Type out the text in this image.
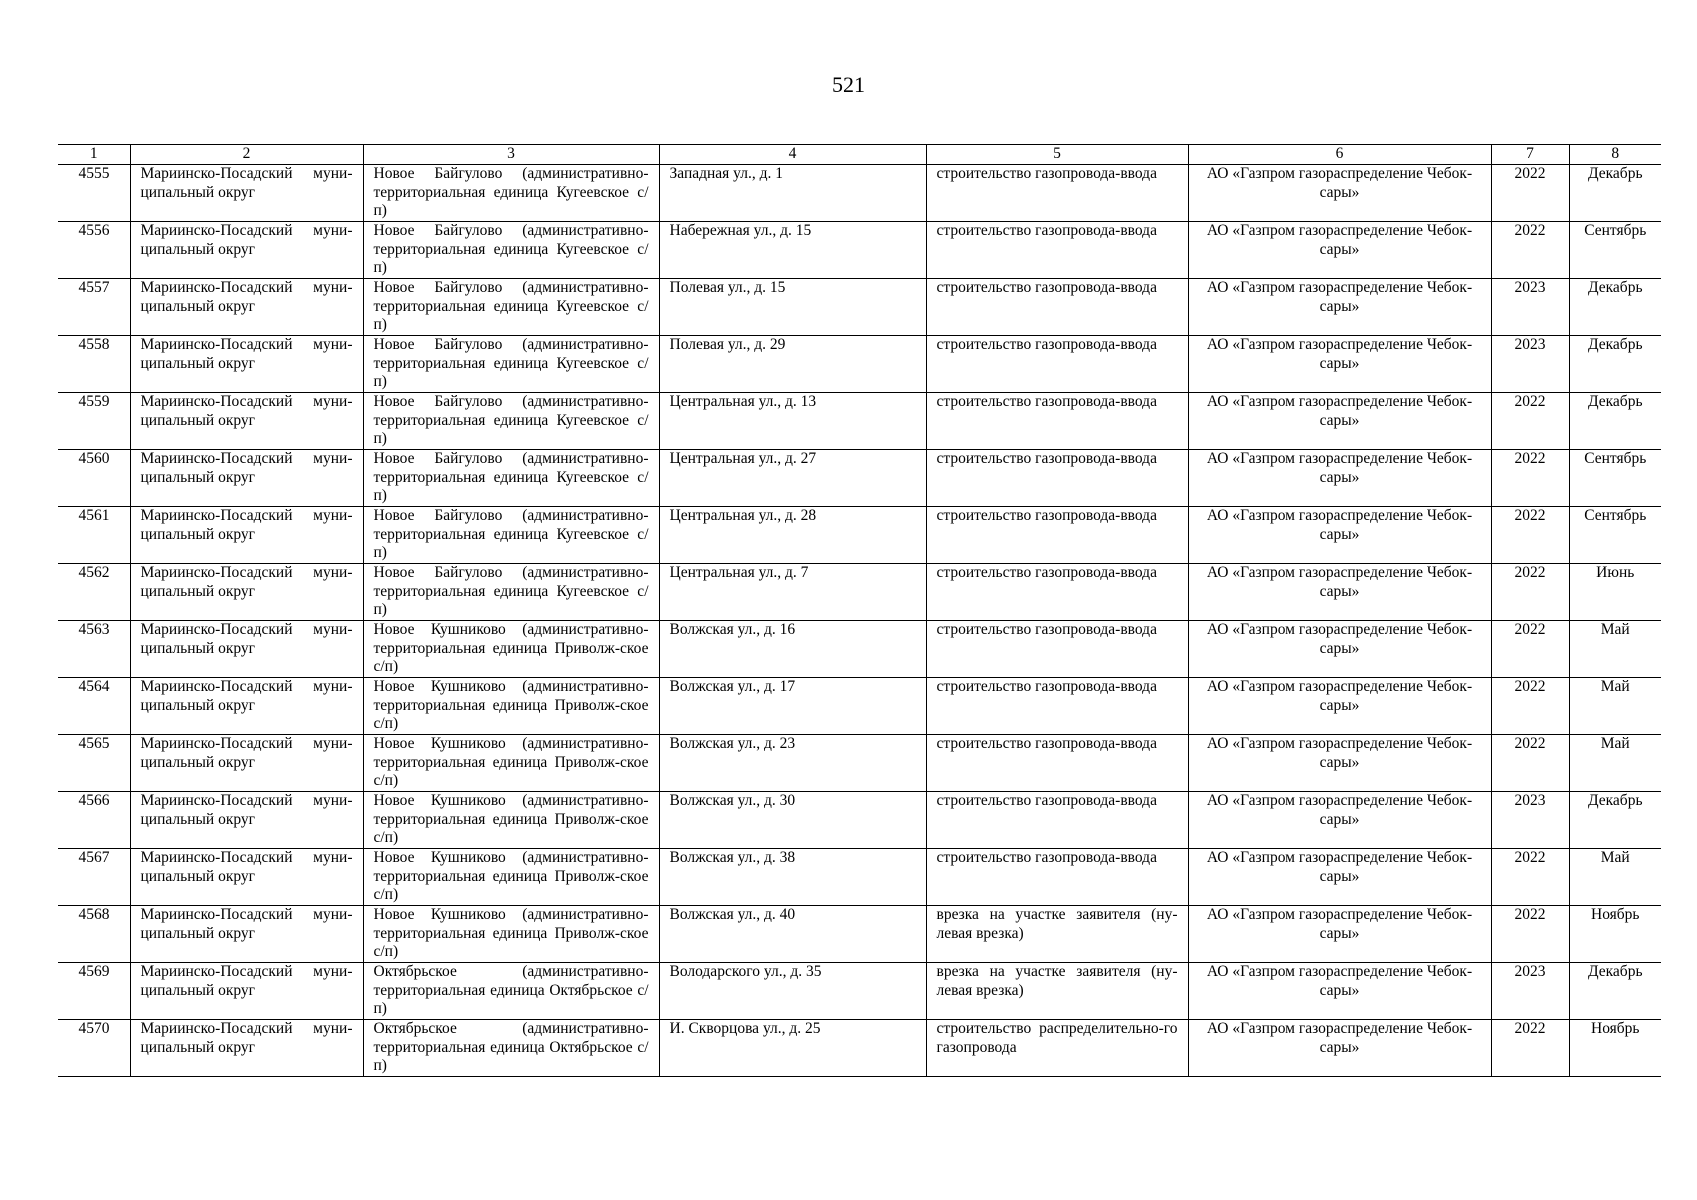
521
1	2	3	4	5	6	7	8
4555	Мариинско-Посадский муни-ципальный округ	Новое Байгулово (административно-территориальная единица Кугеевское с/п)	Западная ул., д. 1	строительство газопровода-ввода	АО «Газпром газораспределение Чебок-сары»	2022	Декабрь
4556	Мариинско-Посадский муни-ципальный округ	Новое Байгулово (административно-территориальная единица Кугеевское с/п)	Набережная ул., д. 15	строительство газопровода-ввода	АО «Газпром газораспределение Чебок-сары»	2022	Сентябрь
4557	Мариинско-Посадский муни-ципальный округ	Новое Байгулово (административно-территориальная единица Кугеевское с/п)	Полевая ул., д. 15	строительство газопровода-ввода	АО «Газпром газораспределение Чебок-сары»	2023	Декабрь
4558	Мариинско-Посадский муни-ципальный округ	Новое Байгулово (административно-территориальная единица Кугеевское с/п)	Полевая ул., д. 29	строительство газопровода-ввода	АО «Газпром газораспределение Чебок-сары»	2023	Декабрь
4559	Мариинско-Посадский муни-ципальный округ	Новое Байгулово (административно-территориальная единица Кугеевское с/п)	Центральная ул., д. 13	строительство газопровода-ввода	АО «Газпром газораспределение Чебок-сары»	2022	Декабрь
4560	Мариинско-Посадский муни-ципальный округ	Новое Байгулово (административно-территориальная единица Кугеевское с/п)	Центральная ул., д. 27	строительство газопровода-ввода	АО «Газпром газораспределение Чебок-сары»	2022	Сентябрь
4561	Мариинско-Посадский муни-ципальный округ	Новое Байгулово (административно-территориальная единица Кугеевское с/п)	Центральная ул., д. 28	строительство газопровода-ввода	АО «Газпром газораспределение Чебок-сары»	2022	Сентябрь
4562	Мариинско-Посадский муни-ципальный округ	Новое Байгулово (административно-территориальная единица Кугеевское с/п)	Центральная ул., д. 7	строительство газопровода-ввода	АО «Газпром газораспределение Чебок-сары»	2022	Июнь
4563	Мариинско-Посадский муни-ципальный округ	Новое Кушниково (административно-территориальная единица Приволж-ское с/п)	Волжская ул., д. 16	строительство газопровода-ввода	АО «Газпром газораспределение Чебок-сары»	2022	Май
4564	Мариинско-Посадский муни-ципальный округ	Новое Кушниково (административно-территориальная единица Приволж-ское с/п)	Волжская ул., д. 17	строительство газопровода-ввода	АО «Газпром газораспределение Чебок-сары»	2022	Май
4565	Мариинско-Посадский муни-ципальный округ	Новое Кушниково (административно-территориальная единица Приволж-ское с/п)	Волжская ул., д. 23	строительство газопровода-ввода	АО «Газпром газораспределение Чебок-сары»	2022	Май
4566	Мариинско-Посадский муни-ципальный округ	Новое Кушниково (административно-территориальная единица Приволж-ское с/п)	Волжская ул., д. 30	строительство газопровода-ввода	АО «Газпром газораспределение Чебок-сары»	2023	Декабрь
4567	Мариинско-Посадский муни-ципальный округ	Новое Кушниково (административно-территориальная единица Приволж-ское с/п)	Волжская ул., д. 38	строительство газопровода-ввода	АО «Газпром газораспределение Чебок-сары»	2022	Май
4568	Мариинско-Посадский муни-ципальный округ	Новое Кушниково (административно-территориальная единица Приволж-ское с/п)	Волжская ул., д. 40	врезка на участке заявителя (ну-левая врезка)	АО «Газпром газораспределение Чебок-сары»	2022	Ноябрь
4569	Мариинско-Посадский муни-ципальный округ	Октябрьское (административно-территориальная единица Октябрьское с/п)	Володарского ул., д. 35	врезка на участке заявителя (ну-левая врезка)	АО «Газпром газораспределение Чебок-сары»	2023	Декабрь
4570	Мариинско-Посадский муни-ципальный округ	Октябрьское (административно-территориальная единица Октябрьское с/п)	И. Скворцова ул., д. 25	строительство распределительно-го газопровода	АО «Газпром газораспределение Чебок-сары»	2022	Ноябрь
